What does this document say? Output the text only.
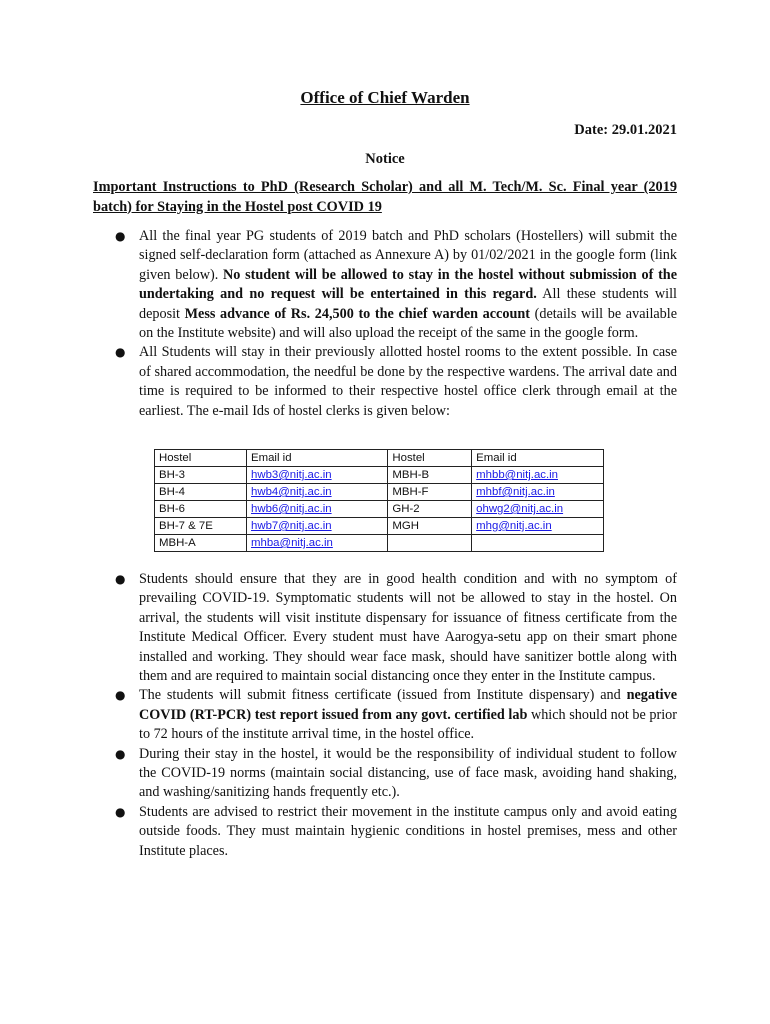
Office of Chief Warden
Date: 29.01.2021
Notice
Important Instructions to PhD (Research Scholar) and all M. Tech/M. Sc. Final year (2019 batch) for Staying in the Hostel post COVID 19
● All the final year PG students of 2019 batch and PhD scholars (Hostellers) will submit the signed self-declaration form (attached as Annexure A) by 01/02/2021 in the google form (link given below). No student will be allowed to stay in the hostel without submission of the undertaking and no request will be entertained in this regard. All these students will deposit Mess advance of Rs. 24,500 to the chief warden account (details will be available on the Institute website) and will also upload the receipt of the same in the google form.
● All Students will stay in their previously allotted hostel rooms to the extent possible. In case of shared accommodation, the needful be done by the respective wardens. The arrival date and time is required to be informed to their respective hostel office clerk through email at the earliest. The e-mail Ids of hostel clerks is given below:
Hostel	Email id	Hostel	Email id
BH-3	hwb3@nitj.ac.in	MBH-B	mhbb@nitj.ac.in
BH-4	hwb4@nitj.ac.in	MBH-F	mhbf@nitj.ac.in
BH-6	hwb6@nitj.ac.in	GH-2	ohwg2@nitj.ac.in
BH-7 & 7E	hwb7@nitj.ac.in	MGH	mhg@nitj.ac.in
MBH-A	mhba@nitj.ac.in		
● Students should ensure that they are in good health condition and with no symptom of prevailing COVID-19. Symptomatic students will not be allowed to stay in the hostel. On arrival, the students will visit institute dispensary for issuance of fitness certificate from the Institute Medical Officer. Every student must have Aarogya-setu app on their smart phone installed and working. They should wear face mask, should have sanitizer bottle along with them and are required to maintain social distancing once they enter in the Institute campus.
● The students will submit fitness certificate (issued from Institute dispensary) and negative COVID (RT-PCR) test report issued from any govt. certified lab which should not be prior to 72 hours of the institute arrival time, in the hostel office.
● During their stay in the hostel, it would be the responsibility of individual student to follow the COVID-19 norms (maintain social distancing, use of face mask, avoiding hand shaking, and washing/sanitizing hands frequently etc.).
● Students are advised to restrict their movement in the institute campus only and avoid eating outside foods. They must maintain hygienic conditions in hostel premises, mess and other Institute places.
